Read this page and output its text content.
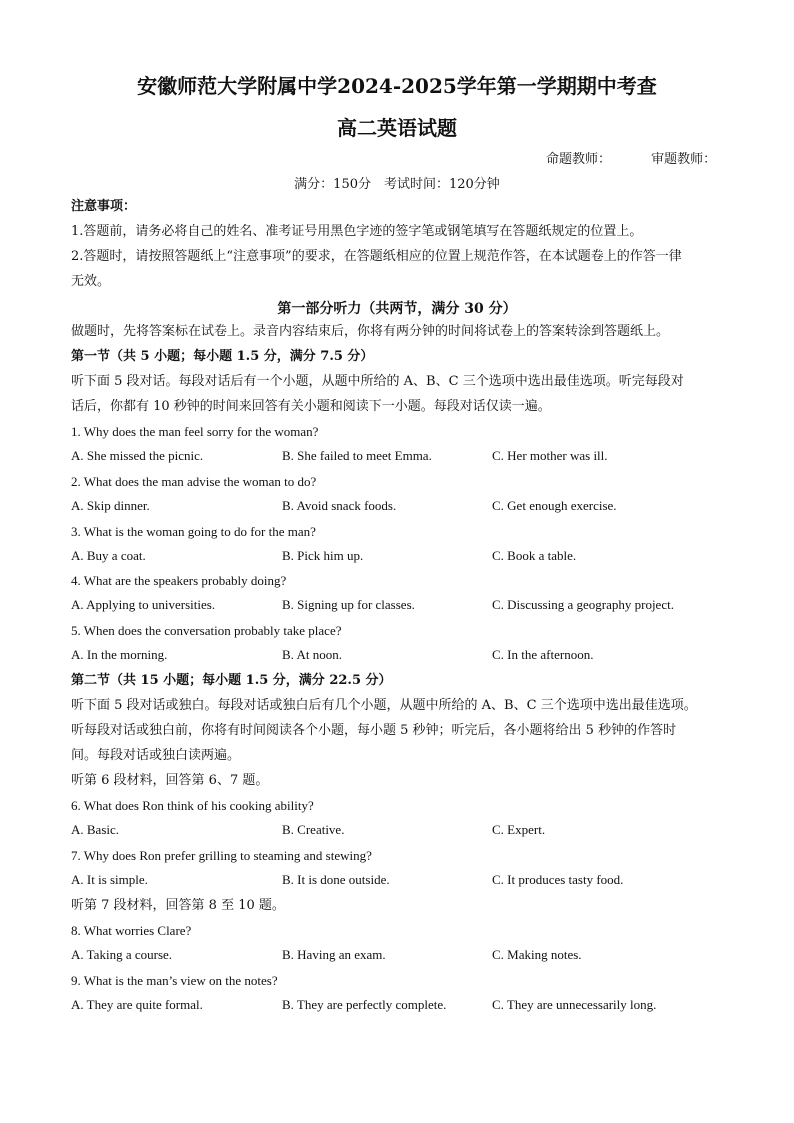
安徽师范大学附属中学2024-2025学年第一学期期中考查
高二英语试题
命题教师：	审题教师：
满分：150分　考试时间：120分钟
注意事项：
1.答题前，请务必将自己的姓名、准考证号用黑色字迹的签字笔或钢笔填写在答题纸规定的位置上。
2.答题时，请按照答题纸上“注意事项”的要求，在答题纸相应的位置上规范作答，在本试题卷上的作答一律
无效。
第一部分听力（共两节，满分 30 分）
做题时，先将答案标在试卷上。录音内容结束后，你将有两分钟的时间将试卷上的答案转涂到答题纸上。
第一节（共 5 小题；每小题 1.5 分，满分 7.5 分）
听下面 5 段对话。每段对话后有一个小题，从题中所给的 A、B、C 三个选项中选出最佳选项。听完每段对
话后，你都有 10 秒钟的时间来回答有关小题和阅读下一小题。每段对话仅读一遍。
1. Why does the man feel sorry for the woman?
A. She missed the picnic.	B. She failed to meet Emma.	C. Her mother was ill.
2. What does the man advise the woman to do?
A. Skip dinner.	B. Avoid snack foods.	C. Get enough exercise.
3. What is the woman going to do for the man?
A. Buy a coat.	B. Pick him up.	C. Book a table.
4. What are the speakers probably doing?
A. Applying to universities.	B. Signing up for classes.	C. Discussing a geography project.
5. When does the conversation probably take place?
A. In the morning.	B. At noon.	C. In the afternoon.
第二节（共 15 小题；每小题 1.5 分，满分 22.5 分）
听下面 5 段对话或独白。每段对话或独白后有几个小题，从题中所给的 A、B、C 三个选项中选出最佳选项。
听每段对话或独白前，你将有时间阅读各个小题，每小题 5 秒钟；听完后，各小题将给出 5 秒钟的作答时
间。每段对话或独白读两遍。
听第 6 段材料，回答第 6、7 题。
6. What does Ron think of his cooking ability?
A. Basic.	B. Creative.	C. Expert.
7. Why does Ron prefer grilling to steaming and stewing?
A. It is simple.	B. It is done outside.	C. It produces tasty food.
听第 7 段材料，回答第 8 至 10 题。
8. What worries Clare?
A. Taking a course.	B. Having an exam.	C. Making notes.
9. What is the man’s view on the notes?
A. They are quite formal.	B. They are perfectly complete.	C. They are unnecessarily long.
